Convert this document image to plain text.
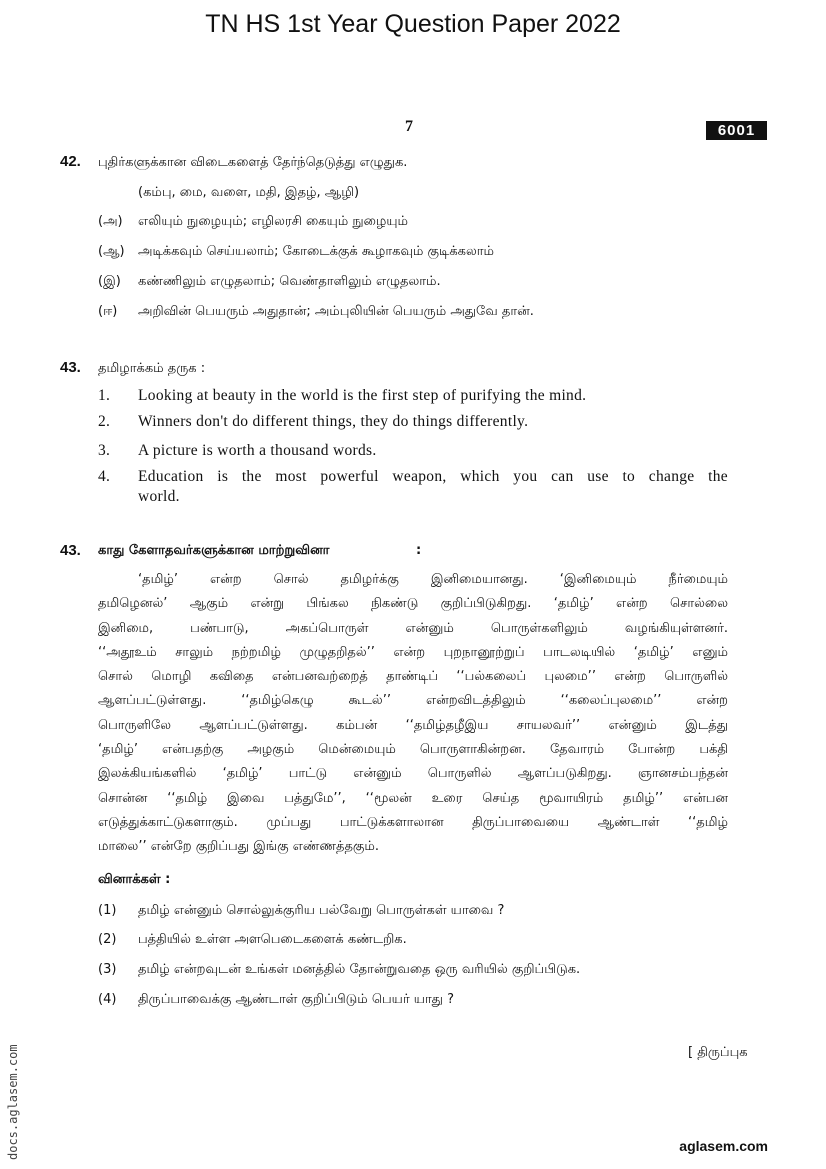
TN HS 1st Year Question Paper 2022
7	6001
42. புதிர்களுக்கான விடைகளைத் தேர்ந்தெடுத்து எழுதுக.
(கம்பு, மை, வளை, மதி, இதழ், ஆழி)
(அ) எலியும் நுழையும்; எழிலரசி கையும் நுழையும்
(ஆ) அடிக்கவும் செய்யலாம்; கோடைக்குக் கூழாகவும் குடிக்கலாம்
(இ) கண்ணிலும் எழுதலாம்; வெண்தாளிலும் எழுதலாம்.
(ஈ) அறிவின் பெயரும் அதுதான்; அம்புலியின் பெயரும் அதுவே தான்.
43. தமிழாக்கம் தருக :
1. Looking at beauty in the world is the first step of purifying the mind.
2. Winners don't do different things, they do things differently.
3. A picture is worth a thousand words.
4. Education is the most powerful weapon, which you can use to change the
world.
43. காது கேளாதவர்களுக்கான மாற்றுவினா	:
‘தமிழ்’ என்ற சொல் தமிழர்க்கு இனிமையானது. ‘இனிமையும் நீர்மையும்
தமிழெனல்’ ஆகும் என்று பிங்கல நிகண்டு குறிப்பிடுகிறது. ‘தமிழ்’ என்ற சொல்லை
இனிமை, பண்பாடு, அகப்பொருள் என்னும் பொருள்களிலும் வழங்கியுள்ளனர்.
‘‘அதூஉம் சாலும் நற்றமிழ் முழுதறிதல்’’ என்ற புறநானூற்றுப் பாடலடியில் ‘தமிழ்’ எனும்
சொல் மொழி கவிதை என்பனவற்றைத் தாண்டிப் ‘‘பல்கலைப் புலமை’’ என்ற பொருளில்
ஆளப்பட்டுள்ளது. ‘‘தமிழ்கெழு கூடல்’’ என்றவிடத்திலும் ‘‘கலைப்புலமை’’ என்ற
பொருளிலே ஆளப்பட்டுள்ளது. கம்பன் ‘‘தமிழ்தழீஇய சாயலவர்’’ என்னும் இடத்து
‘தமிழ்’ என்பதற்கு அழகும் மென்மையும் பொருளாகின்றன. தேவாரம் போன்ற பக்தி
இலக்கியங்களில் ‘தமிழ்’ பாட்டு என்னும் பொருளில் ஆளப்படுகிறது. ஞானசம்பந்தன்
சொன்ன ‘‘தமிழ் இவை பத்துமே’’, ‘‘மூலன் உரை செய்த மூவாயிரம் தமிழ்’’ என்பன
எடுத்துக்காட்டுகளாகும். முப்பது பாட்டுக்களாலான திருப்பாவையை ஆண்டாள் ‘‘தமிழ்
மாலை’’ என்றே குறிப்பது இங்கு எண்ணத்தகும்.
வினாக்கள் :
(1) தமிழ் என்னும் சொல்லுக்குரிய பல்வேறு பொருள்கள் யாவை ?
(2) பத்தியில் உள்ள அளபெடைகளைக் கண்டறிக.
(3) தமிழ் என்றவுடன் உங்கள் மனத்தில் தோன்றுவதை ஒரு வரியில் குறிப்பிடுக.
(4) திருப்பாவைக்கு ஆண்டாள் குறிப்பிடும் பெயர் யாது ?
[ திருப்புக
docs.aglasem.com	aglasem.com
